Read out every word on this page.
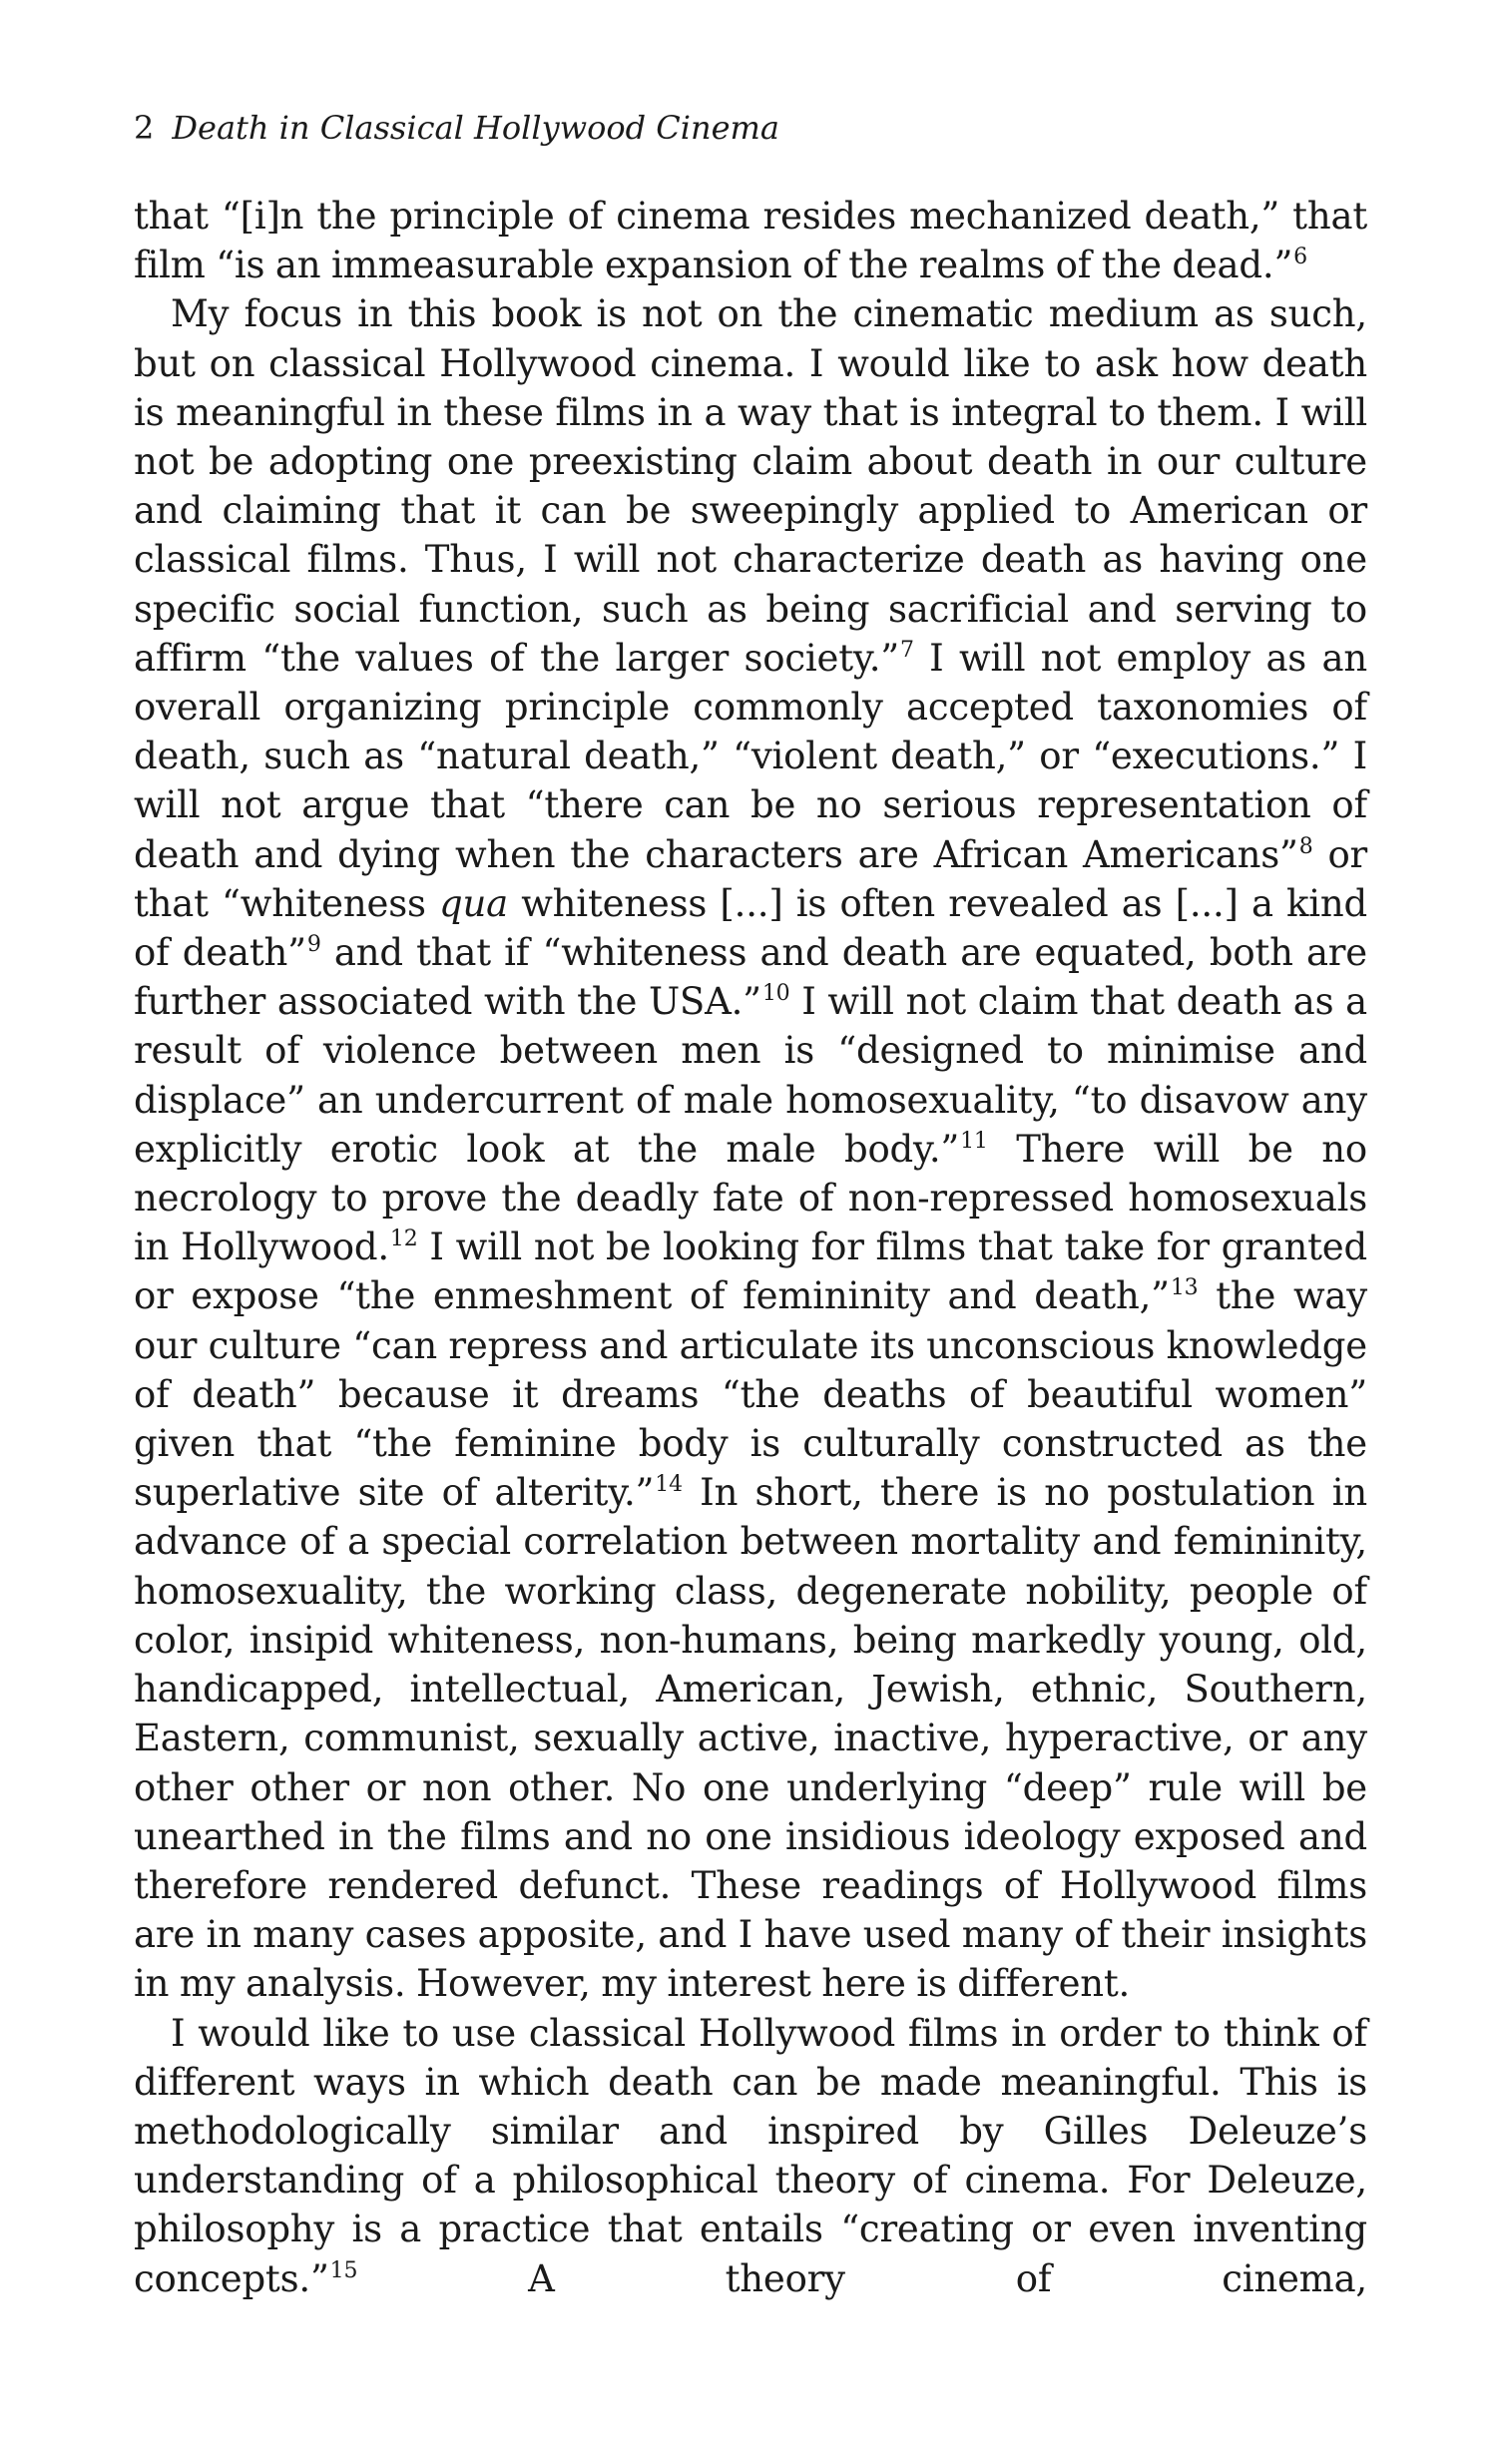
2 Death in Classical Hollywood Cinema

that “[i]n the principle of cinema resides mechanized death,” that film “is an immeasurable expansion of the realms of the dead.”$^6$

My focus in this book is not on the cinematic medium as such, but on classical Hollywood cinema. I would like to ask how death is meaningful in these films in a way that is integral to them. I will not be adopting one preexisting claim about death in our culture and claiming that it can be sweepingly applied to American or classical films. Thus, I will not characterize death as having one specific social function, such as being sacrificial and serving to affirm “the values of the larger society.”$^7$ I will not employ as an overall organizing principle commonly accepted taxonomies of death, such as “natural death,” “violent death,” or “executions.” I will not argue that “there can be no serious representation of death and dying when the characters are African Americans”$^8$ or that “whiteness qua whiteness [...] is often revealed as [...] a kind of death”$^9$ and that if “whiteness and death are equated, both are further associated with the USA.”$^{10}$ I will not claim that death as a result of violence between men is “designed to minimise and displace” an undercurrent of male homosexuality, “to disavow any explicitly erotic look at the male body.”$^{11}$ There will be no necrology to prove the deadly fate of non-repressed homosexuals in Hollywood.$^{12}$ I will not be looking for films that take for granted or expose “the enmeshment of femininity and death,”$^{13}$ the way our culture “can repress and articulate its unconscious knowledge of death” because it dreams “the deaths of beautiful women” given that “the feminine body is culturally constructed as the superlative site of alterity.”$^{14}$ In short, there is no postulation in advance of a special correlation between mortality and femininity, homosexuality, the working class, degenerate nobility, people of color, insipid whiteness, non-humans, being markedly young, old, handicapped, intellectual, American, Jewish, ethnic, Southern, Eastern, communist, sexually active, inactive, hyperactive, or any other other or non other. No one underlying “deep” rule will be unearthed in the films and no one insidious ideology exposed and therefore rendered defunct. These readings of Hollywood films are in many cases apposite, and I have used many of their insights in my analysis. However, my interest here is different.

I would like to use classical Hollywood films in order to think of different ways in which death can be made meaningful. This is methodologically similar and inspired by Gilles Deleuze’s understanding of a philosophical theory of cinema. For Deleuze, philosophy is a practice that entails “creating or even inventing concepts.”$^{15}$ A theory of cinema,
